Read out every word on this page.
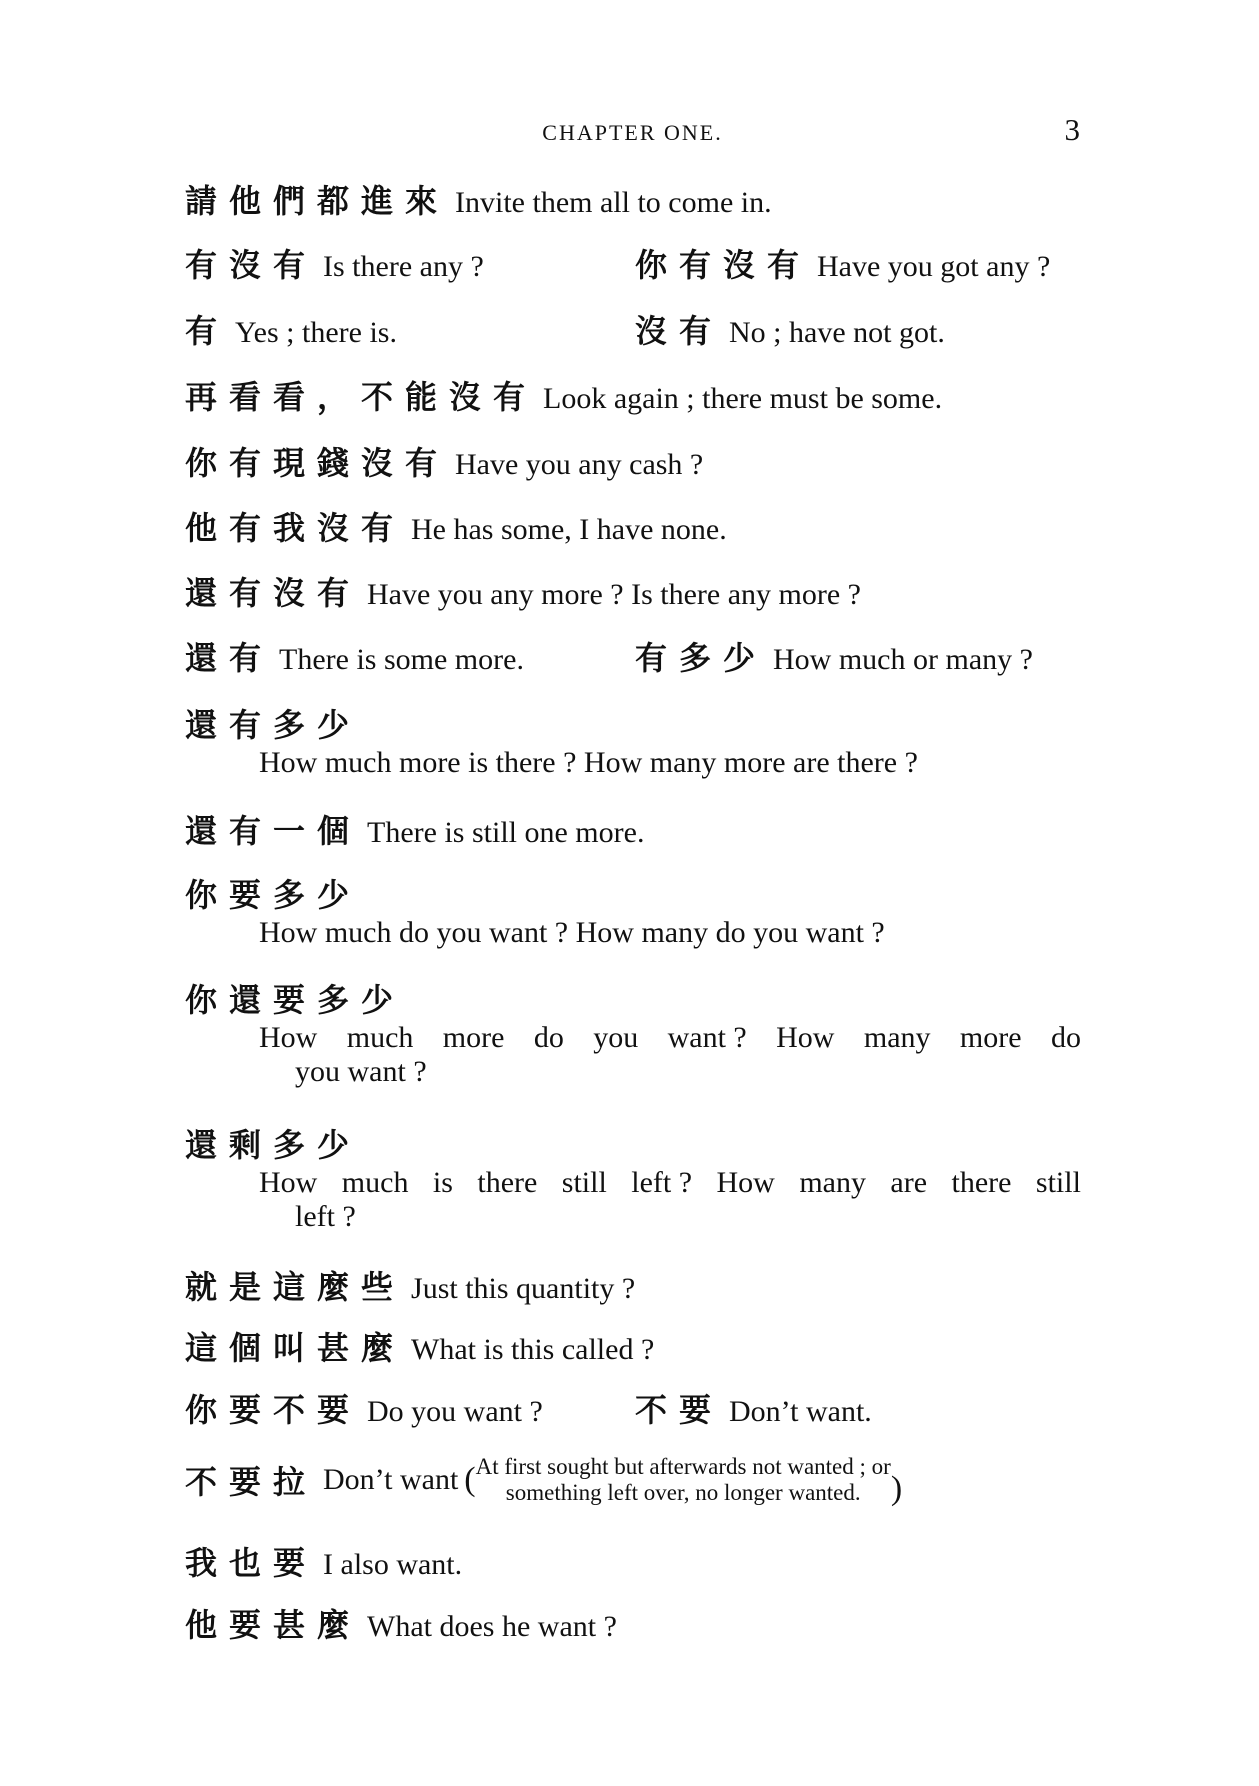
CHAPTER ONE.	3
請他們都進來 Invite them all to come in.
有沒有 Is there any ?	你有沒有 Have you got any ?
有 Yes ; there is.	沒有 No ; have not got.
再看看，不能沒有 Look again ; there must be some.
你有現錢沒有 Have you any cash ?
他有我沒有 He has some, I have none.
還有沒有 Have you any more ? Is there any more ?
還有 There is some more.	有多少 How much or many ?
還有多少
How much more is there ? How many more are there ?
還有一個 There is still one more.
你要多少
How much do you want ? How many do you want ?
你還要多少
How much more do you want ? How many more do
you want ?
還剩多少
How much is there still left ? How many are there still
left ?
就是這麼些 Just this quantity ?
這個叫甚麼 What is this called ?
你要不要 Do you want ?	不要 Don’t want.
不要拉 Don’t want ( At first sought but afterwards not wanted ; or
something left over, no longer wanted. )
我也要 I also want.
他要甚麼 What does he want ?
